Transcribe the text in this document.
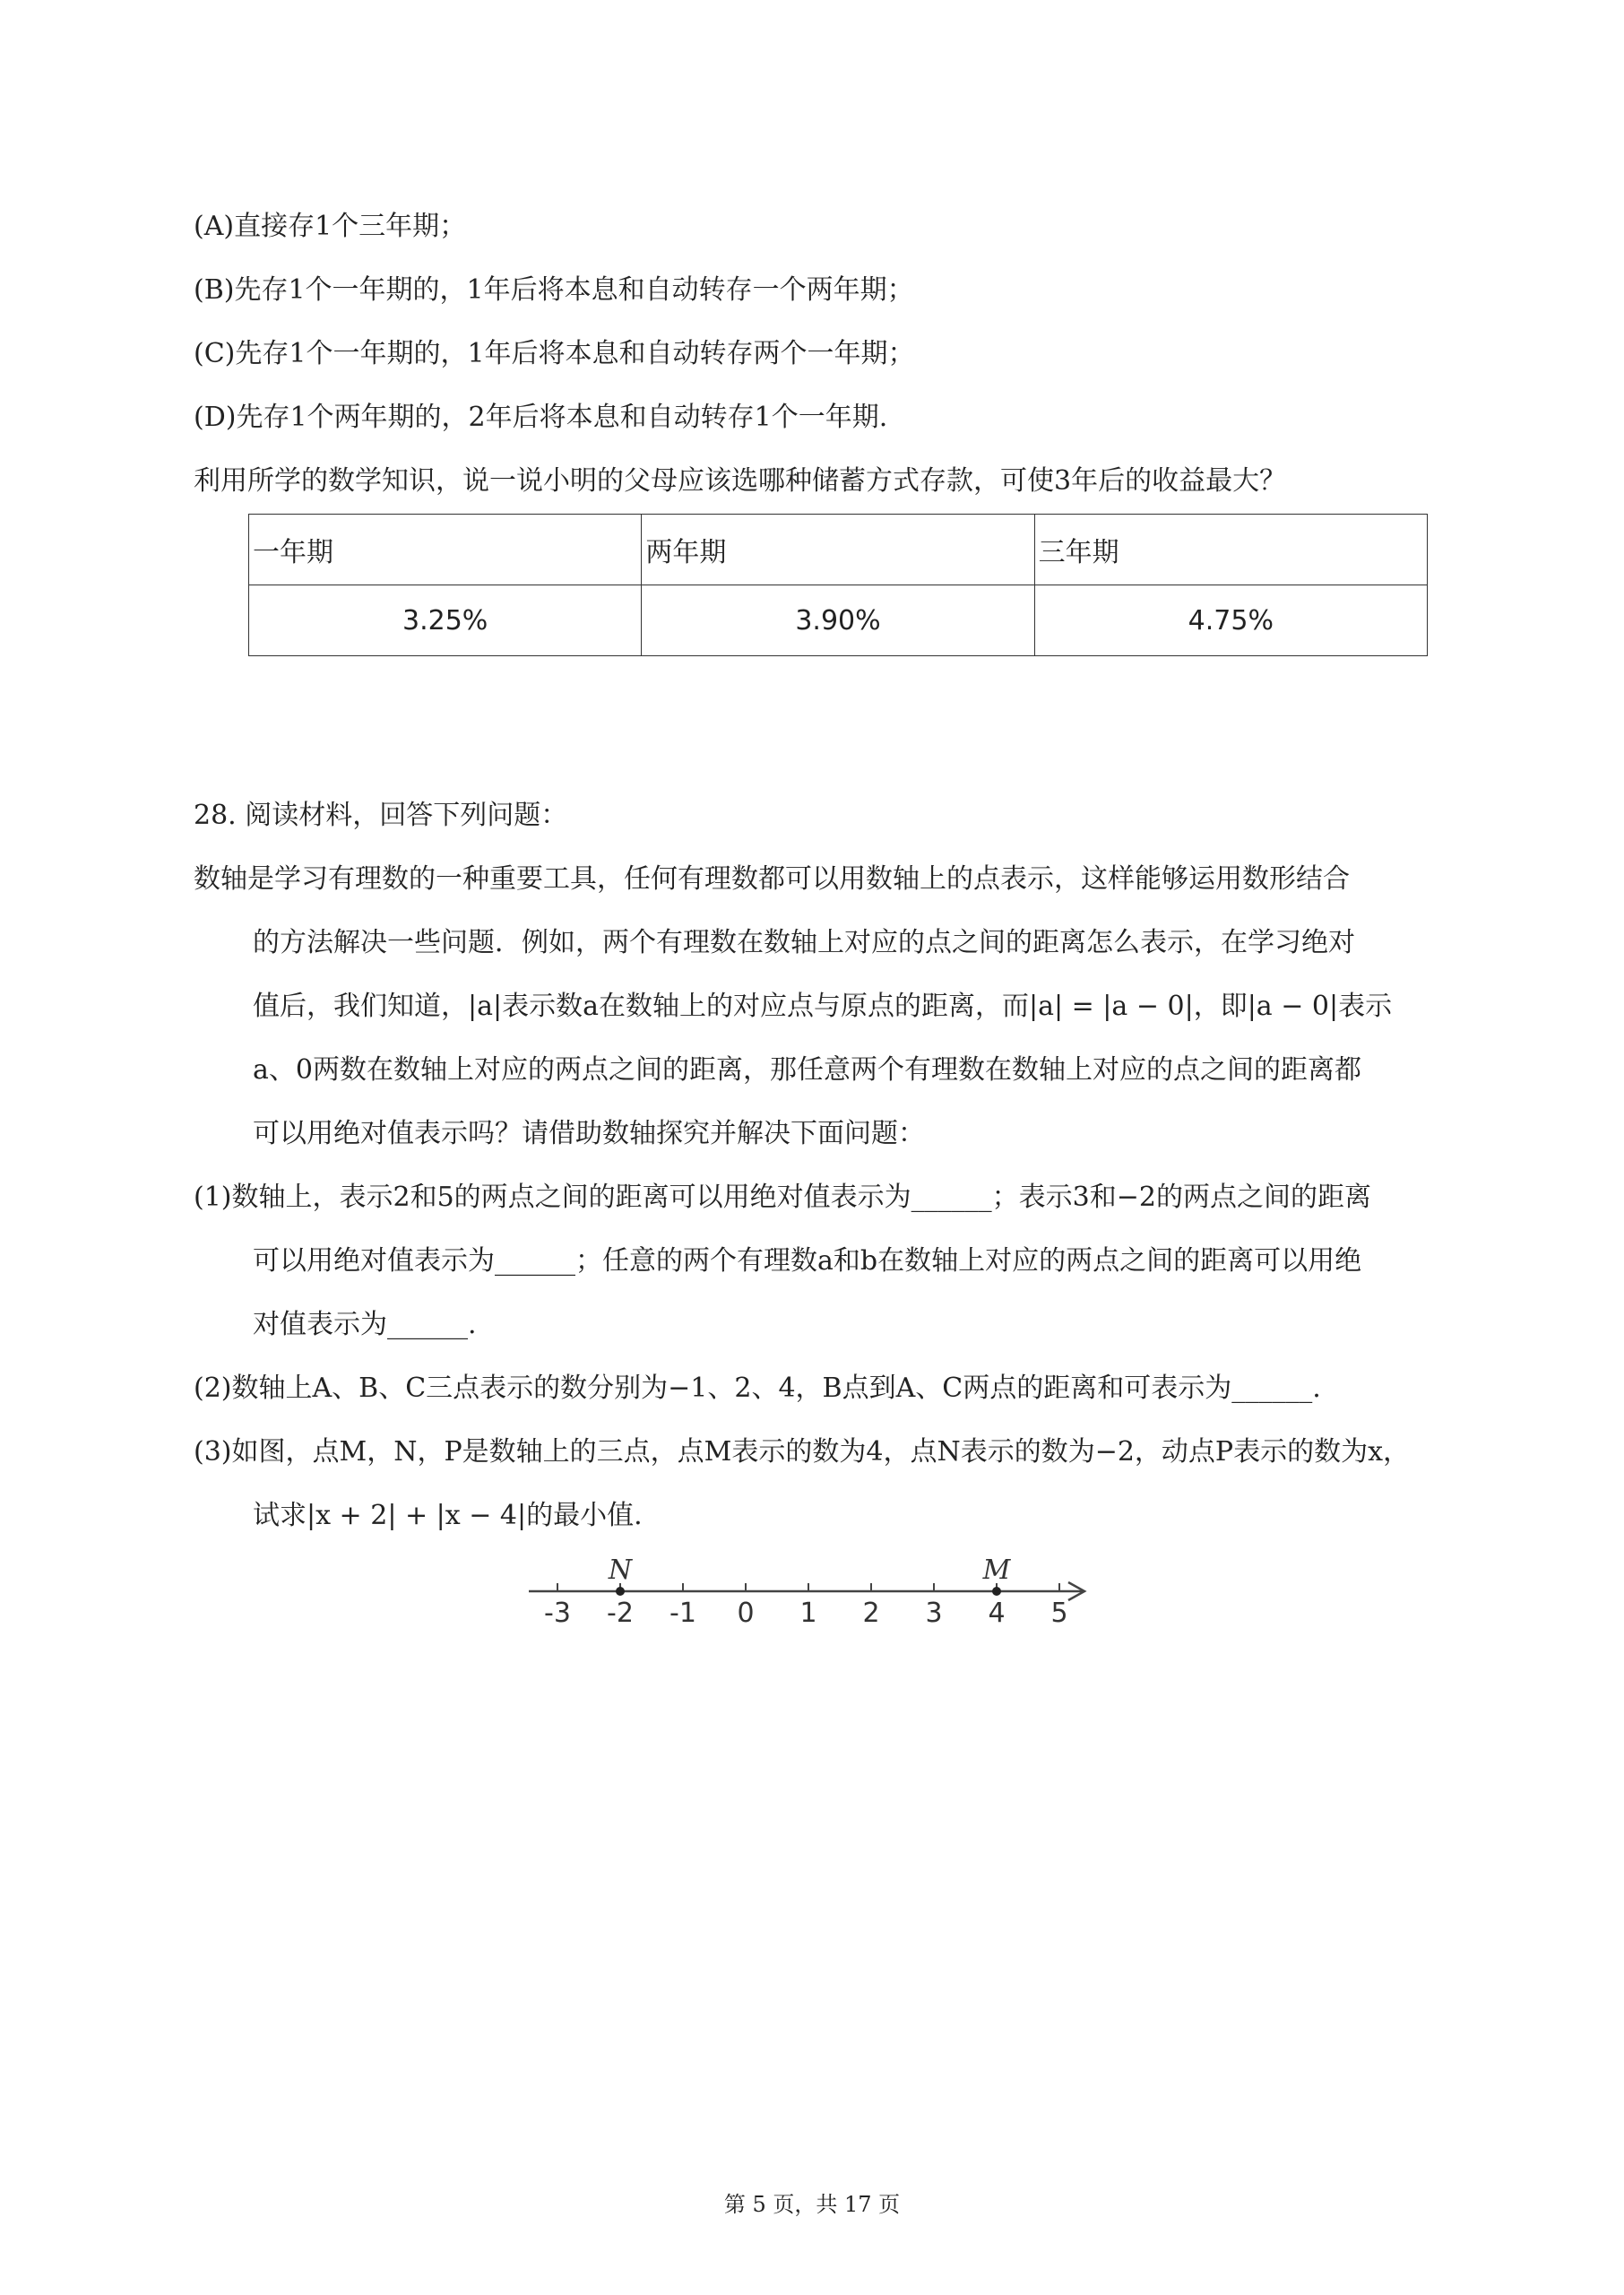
(A)直接存1个三年期；
(B)先存1个一年期的，1年后将本息和自动转存一个两年期；
(C)先存1个一年期的，1年后将本息和自动转存两个一年期；
(D)先存1个两年期的，2年后将本息和自动转存1个一年期.
利用所学的数学知识，说一说小明的父母应该选哪种储蓄方式存款，可使3年后的收益最大？
一年期	两年期	三年期
3.25%	3.90%	4.75%
28. 阅读材料，回答下列问题：
数轴是学习有理数的一种重要工具，任何有理数都可以用数轴上的点表示，这样能够运用数形结合
的方法解决一些问题．例如，两个有理数在数轴上对应的点之间的距离怎么表示，在学习绝对
值后，我们知道，|a|表示数a在数轴上的对应点与原点的距离，而|a| = |a − 0|，即|a − 0|表示
a、0两数在数轴上对应的两点之间的距离，那任意两个有理数在数轴上对应的点之间的距离都
可以用绝对值表示吗？请借助数轴探究并解决下面问题：
(1)数轴上，表示2和5的两点之间的距离可以用绝对值表示为______；表示3和−2的两点之间的距离
可以用绝对值表示为______；任意的两个有理数a和b在数轴上对应的两点之间的距离可以用绝
对值表示为______.
(2)数轴上A、B、C三点表示的数分别为−1、2、4，B点到A、C两点的距离和可表示为______.
(3)如图，点M，N，P是数轴上的三点，点M表示的数为4，点N表示的数为−2，动点P表示的数为x，
试求|x + 2| + |x − 4|的最小值.
-3 -2 -1 0 1 2 3 4 5
N	M
第 5 页，共 17 页
